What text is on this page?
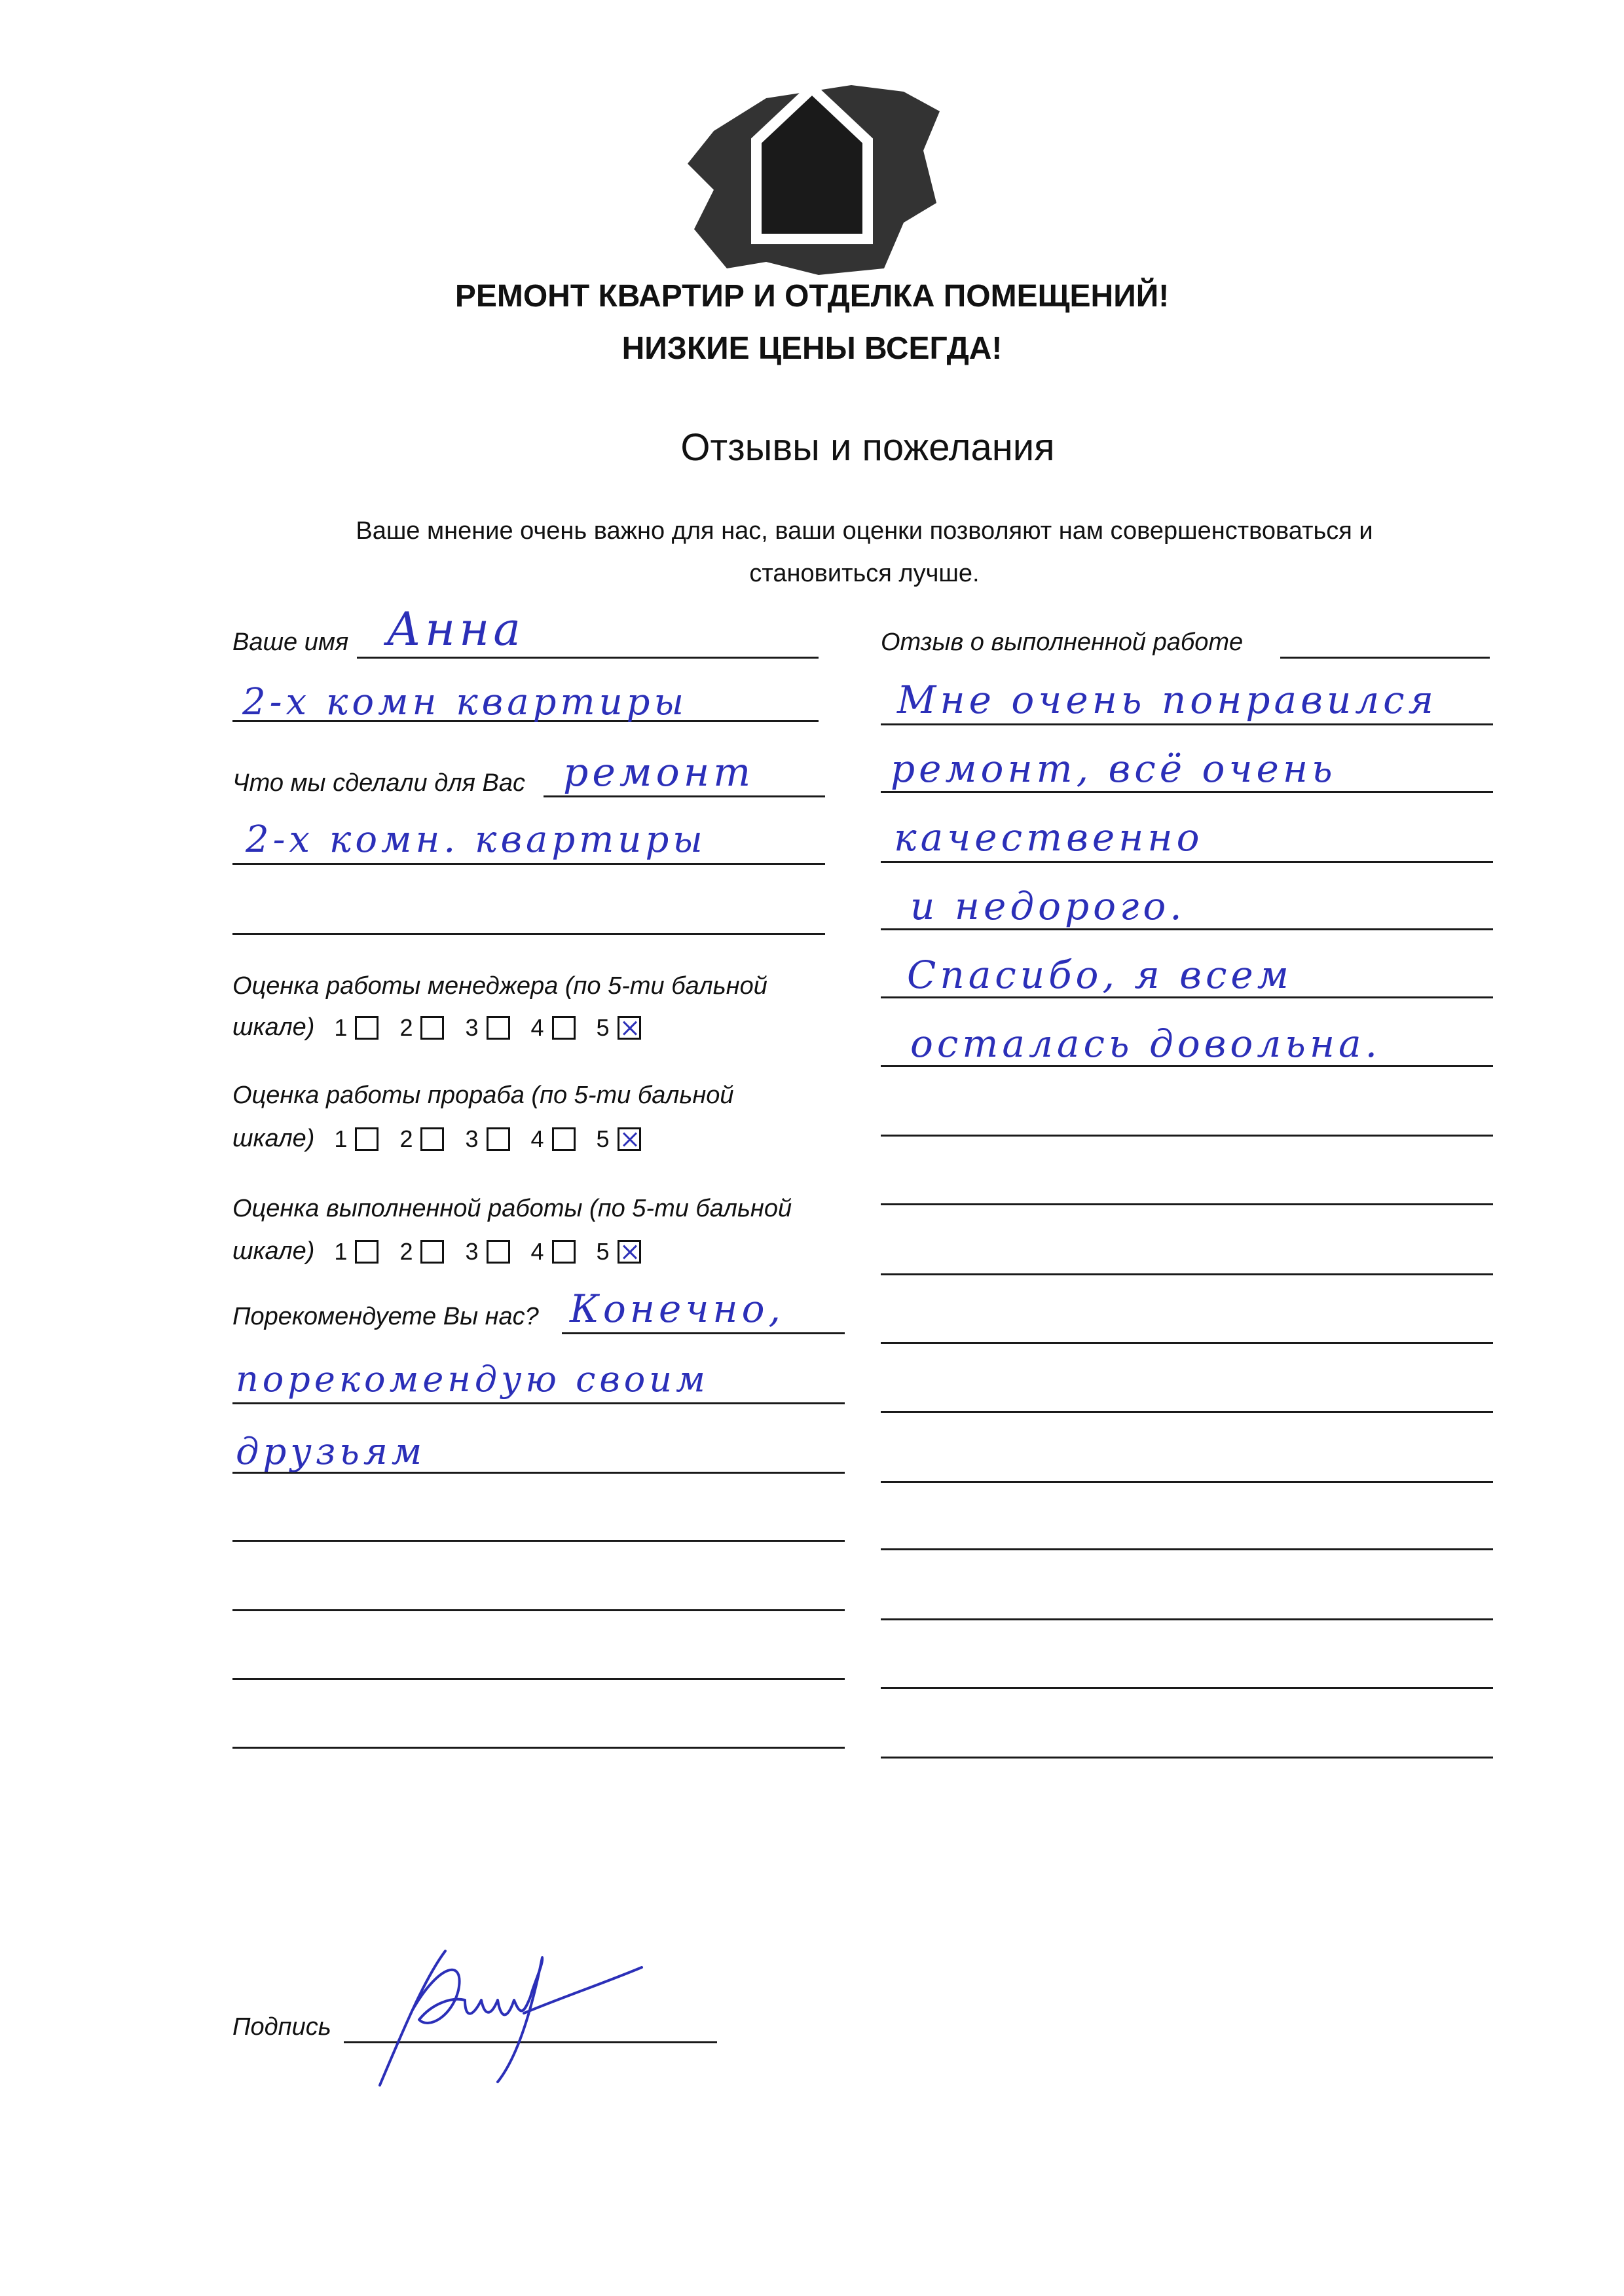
РЕМОНТ КВАРТИР И ОТДЕЛКА ПОМЕЩЕНИЙ!
НИЗКИЕ ЦЕНЫ ВСЕГДА!
Отзывы и пожелания
Ваше мнение очень важно для нас, ваши оценки позволяют нам совершенствоваться и
становиться лучше.
Ваше имя Анна
2-х комн квартиры
Что мы сделали для Вас ремонт
2-х комн. квартиры
Оценка работы менеджера (по 5-ти бальной
шкале) 1 2 3 4 5
Оценка работы прораба (по 5-ти бальной
шкале) 1 2 3 4 5
Оценка выполненной работы (по 5-ти бальной
шкале) 1 2 3 4 5
Порекомендуете Вы нас? Конечно,
порекомендую своим
друзьям
Отзыв о выполненной работе
Мне очень понравился
ремонт, всё очень
качественно
и недорого.
Спасибо, я всем
осталась довольна.
Подпись
